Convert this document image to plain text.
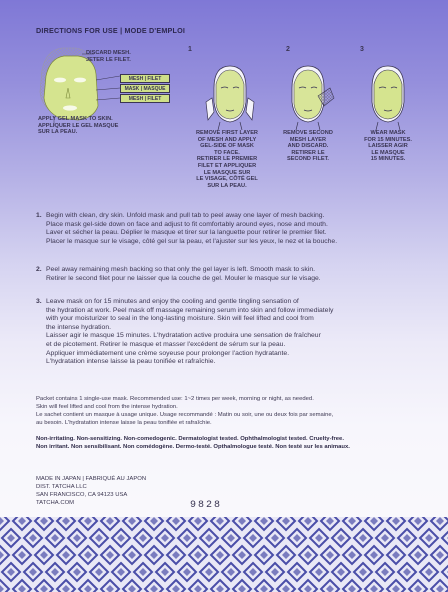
DIRECTIONS FOR USE | MODE D'EMPLOI
DISCARD MESH.
JETER LE FILET.
MESH | FILET
MASK | MASQUE
MESH | FILET
APPLY GEL MASK TO SKIN.
APPLIQUER LE GEL MASQUE
SUR LA PEAU.
1
REMOVE FIRST LAYER
OF MESH AND APPLY
GEL-SIDE OF MASK
TO FACE.
RETIRER LE PREMIER
FILET ET APPLIQUER
LE MASQUE SUR
LE VISAGE, CÔTÉ GEL
SUR LA PEAU.
2
REMOVE SECOND
MESH LAYER
AND DISCARD.
RETIRER LE
SECOND FILET.
3
WEAR MASK
FOR 15 MINUTES.
LAISSER AGIR
LE MASQUE
15 MINUTES.
1. Begin with clean, dry skin. Unfold mask and pull tab to peel away one layer of mesh backing.
Place mask gel-side down on face and adjust to fit comfortably around eyes, nose and mouth.
Laver et sécher la peau. Déplier le masque et tirer sur la languette pour retirer le premier filet.
Placer le masque sur le visage, côté gel sur la peau, et l'ajuster sur les yeux, le nez et la bouche.
2. Peel away remaining mesh backing so that only the gel layer is left. Smooth mask to skin.
Retirer le second filet pour ne laisser que la couche de gel. Mouler le masque sur le visage.
3. Leave mask on for 15 minutes and enjoy the cooling and gentle tingling sensation of
the hydration at work. Peel mask off massage remaining serum into skin and follow immediately
with your moisturizer to seal in the long-lasting moisture. Skin will feel lifted and cool from
the intense hydration.
Laisser agir le masque 15 minutes. L'hydratation active produira une sensation de fraîcheur
et de picotement. Retirer le masque et masser l'excédent de sérum sur la peau.
Appliquer immédiatement une crème soyeuse pour prolonger l'action hydratante.
L'hydratation intense laisse la peau tonifiée et rafraîchie.
Packet contains 1 single-use mask. Recommended use: 1~2 times per week, morning or night, as needed.
Skin will feel lifted and cool from the intense hydration.
Le sachet contient un masque à usage unique. Usage recommandé : Matin ou soir, une ou deux fois par semaine,
au besoin. L'hydratation intense laisse la peau tonifiée et rafraîchie.
Non-irritating. Non-sensitizing. Non-comedogenic. Dermatologist tested. Ophthalmologist tested. Cruelty-free.
Non irritant. Non sensibilisant. Non comédogène. Dermo-testé. Opthalmologue testé. Non testé sur les animaux.
MADE IN JAPAN | FABRIQUÉ AU JAPON
DIST. TATCHA LLC
SAN FRANCISCO, CA 94123 USA
TATCHA.COM	9828
